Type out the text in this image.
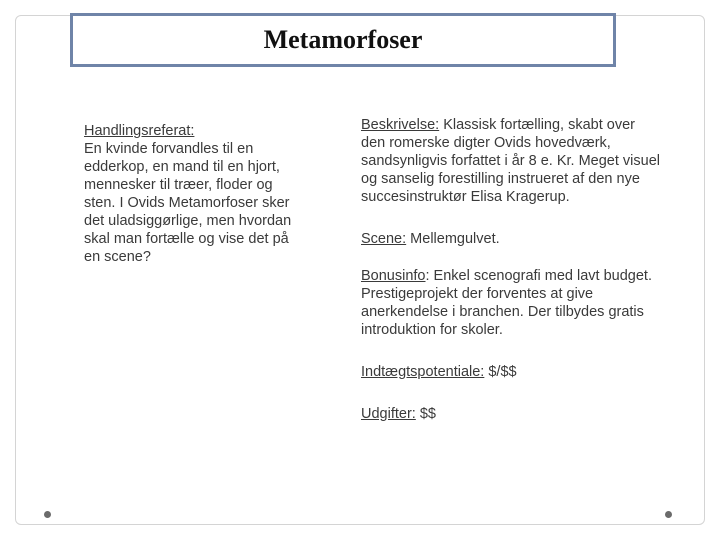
Metamorfoser
Handlingsreferat:
En kvinde forvandles til en edderkop, en mand til en hjort, mennesker til træer, floder og sten. I Ovids Metamorfoser sker det uladsiggørlige, men hvordan skal man fortælle og vise det på en scene?
Beskrivelse: Klassisk fortælling, skabt over den romerske digter Ovids hovedværk, sandsynligvis forfattet i år 8 e. Kr. Meget visuel og sanselig forestilling instrueret af den nye succesinstruktør Elisa Kragerup.
Scene: Mellemgulvet.
Bonusinfo: Enkel scenografi med lavt budget. Prestigeprojekt der forventes at give anerkendelse i branchen. Der tilbydes gratis introduktion for skoler.
Indtægtspotentiale: $/$$
Udgifter: $$
